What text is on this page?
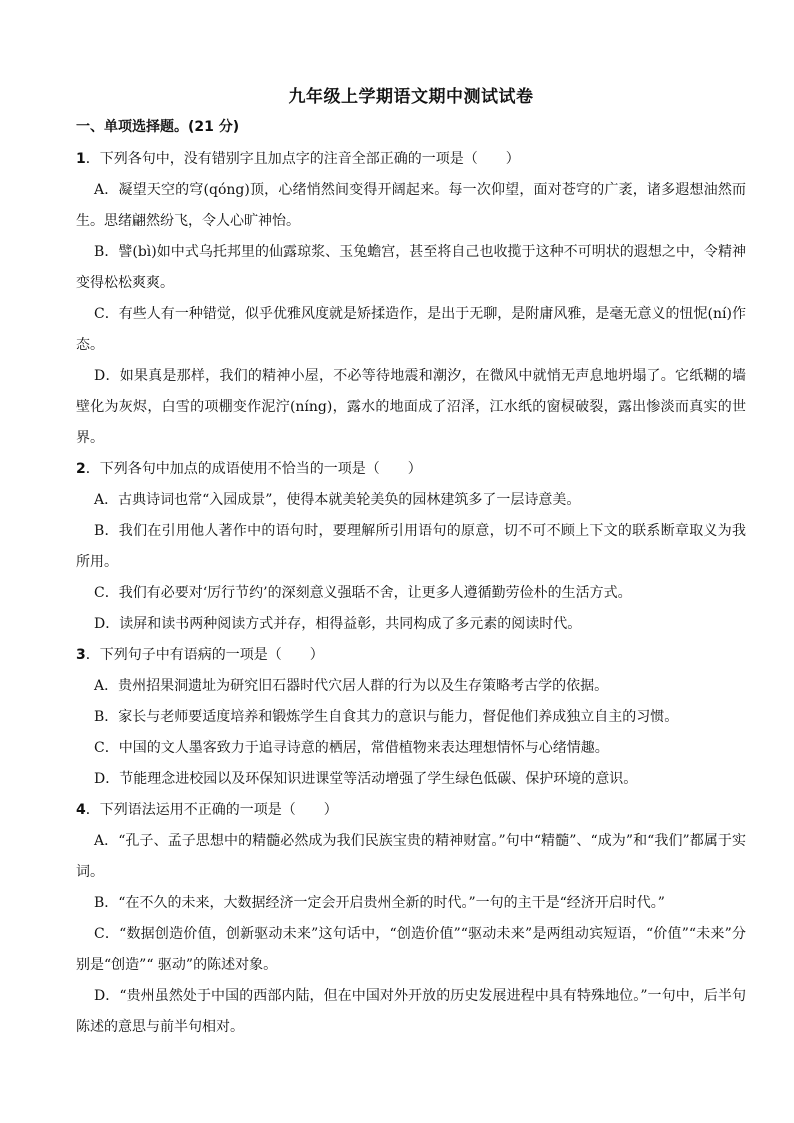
九年级上学期语文期中测试试卷
一、单项选择题。(21 分)

1．下列各句中，没有错别字且加点字的注音全部正确的一项是（　　）

A．凝望天空的穹(qóng)顶，心绪悄然间变得开阔起来。每一次仰望，面对苍穹的广袤，诸多遐想油然而生。思绪翩然纷飞，令人心旷神怡。

B．譬(bì)如中式乌托邦里的仙露琼浆、玉兔蟾宫，甚至将自己也收揽于这种不可明状的遐想之中，令精神变得松松爽爽。

C．有些人有一种错觉，似乎优雅风度就是矫揉造作，是出于无聊，是附庸风雅，是毫无意义的忸怩(ní)作态。

D．如果真是那样，我们的精神小屋，不必等待地震和潮汐，在微风中就悄无声息地坍塌了。它纸糊的墙壁化为灰烬，白雪的项棚变作泥泞(níng)，露水的地面成了沼泽，江水纸的窗棂破裂，露出惨淡而真实的世界。

2．下列各句中加点的成语使用不恰当的一项是（　　）

A．古典诗词也常“入园成景”，使得本就美轮美奂的园林建筑多了一层诗意美。

B．我们在引用他人著作中的语句时，要理解所引用语句的原意，切不可不顾上下文的联系断章取义为我所用。

C．我们有必要对‘厉行节约’的深刻意义强聒不舍，让更多人遵循勤劳俭朴的生活方式。

D．读屏和读书两种阅读方式并存，相得益彰，共同构成了多元素的阅读时代。

3．下列句子中有语病的一项是（　　）

A．贵州招果洞遗址为研究旧石器时代穴居人群的行为以及生存策略考古学的依据。

B．家长与老师要适度培养和锻炼学生自食其力的意识与能力，督促他们养成独立自主的习惯。

C．中国的文人墨客致力于追寻诗意的栖居，常借植物来表达理想情怀与心绪情趣。

D．节能理念进校园以及环保知识进课堂等活动增强了学生绿色低碳、保护环境的意识。

4．下列语法运用不正确的一项是（　　）

A．“孔子、孟子思想中的精髓必然成为我们民族宝贵的精神财富。”句中“精髓”、“成为”和“我们”都属于实词。

B．“在不久的未来，大数据经济一定会开启贵州全新的时代。”一句的主干是“经济开启时代。”

C．“数据创造价值，创新驱动未来”这句话中，“创造价值”“驱动未来”是两组动宾短语，“价值”“未来”分别是“创造”“ 驱动”的陈述对象。

D．“贵州虽然处于中国的西部内陆，但在中国对外开放的历史发展进程中具有特殊地位。”一句中，后半句陈述的意思与前半句相对。
